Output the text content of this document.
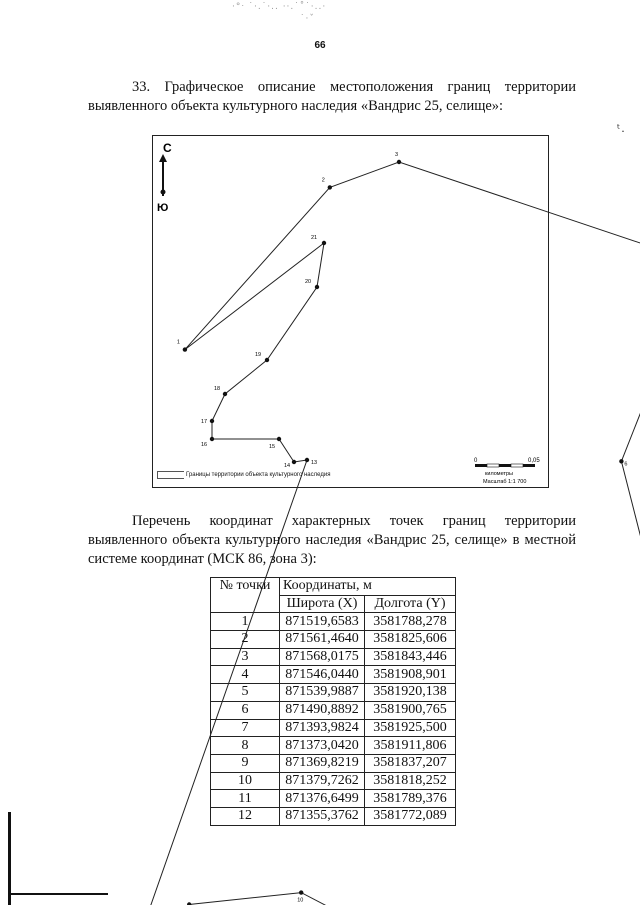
·°ᐧ ˙·.˙·.. ··.˙˚˙·..·
˙·ˇ
ᵗ.
66
33. Графическое описание местоположения границ территории выявленного объекта культурного наследия «Вандрис 25, селище»:
С
Ю
1
2
3
6
10
13
14
15
16
17
18
19
20
21
0	0,05
километры
Масштаб 1:1 700
Границы территории объекта культурного наследия
Перечень координат характерных точек границ территории выявленного объекта культурного наследия «Вандрис 25, селище» в местной системе координат (МСК 86, зона 3):
№ точки	Координаты, м	
	Широта (X)	Долгота (Y)
1	871519,6583	3581788,278
2	871561,4640	3581825,606
3	871568,0175	3581843,446
4	871546,0440	3581908,901
5	871539,9887	3581920,138
6	871490,8892	3581900,765
7	871393,9824	3581925,500
8	871373,0420	3581911,806
9	871369,8219	3581837,207
10	871379,7262	3581818,252
11	871376,6499	3581789,376
12	871355,3762	3581772,089
